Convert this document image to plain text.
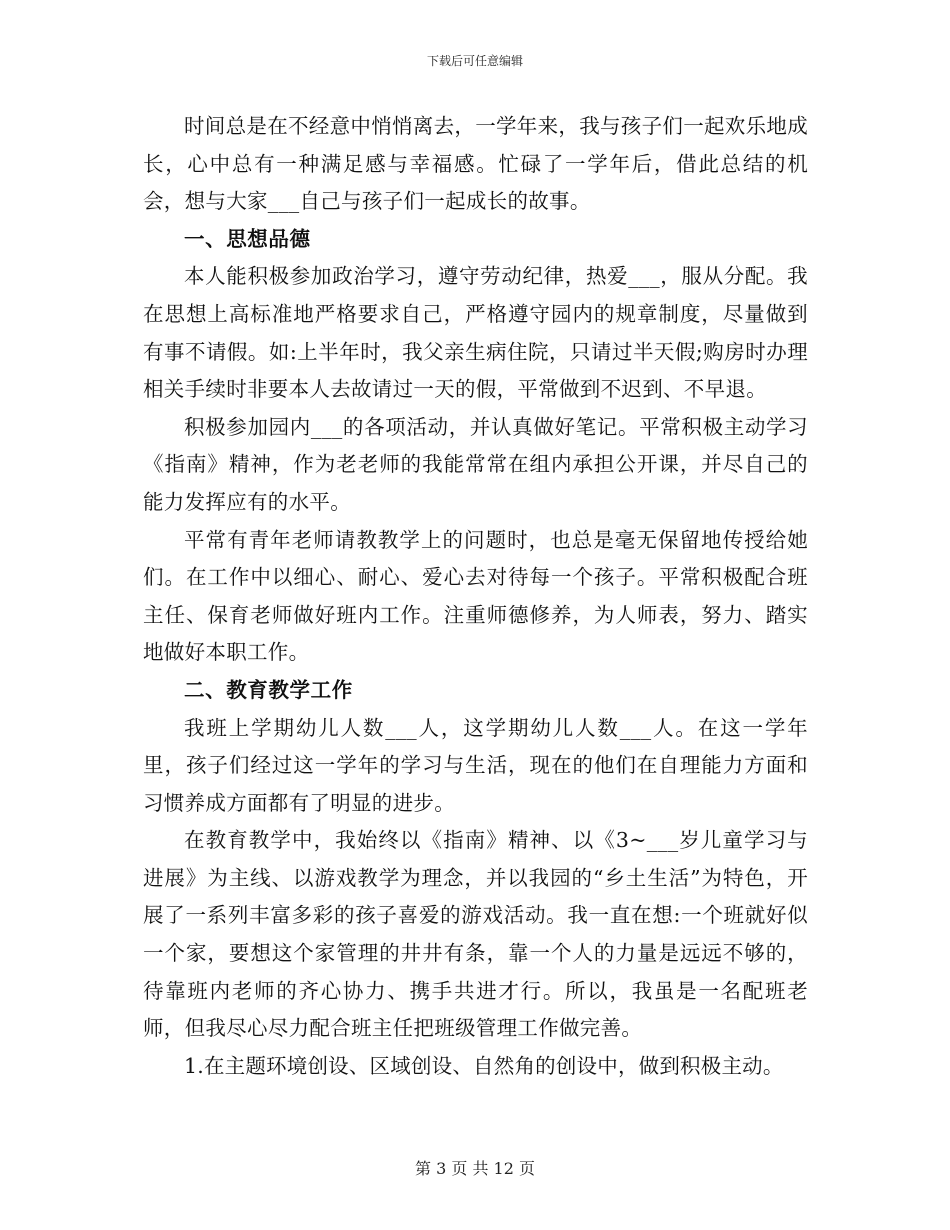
下载后可任意编辑

时间总是在不经意中悄悄离去，一学年来，我与孩子们一起欢乐地成长，心中总有一种满足感与幸福感。忙碌了一学年后，借此总结的机会，想与大家___自己与孩子们一起成长的故事。

一、思想品德

本人能积极参加政治学习，遵守劳动纪律，热爱___，服从分配。我在思想上高标准地严格要求自己，严格遵守园内的规章制度，尽量做到有事不请假。如:上半年时，我父亲生病住院，只请过半天假;购房时办理相关手续时非要本人去故请过一天的假，平常做到不迟到、不早退。

积极参加园内___的各项活动，并认真做好笔记。平常积极主动学习《指南》精神，作为老老师的我能常常在组内承担公开课，并尽自己的能力发挥应有的水平。

平常有青年老师请教教学上的问题时，也总是毫无保留地传授给她们。在工作中以细心、耐心、爱心去对待每一个孩子。平常积极配合班主任、保育老师做好班内工作。注重师德修养，为人师表，努力、踏实地做好本职工作。

二、教育教学工作

我班上学期幼儿人数___人，这学期幼儿人数___人。在这一学年里，孩子们经过这一学年的学习与生活，现在的他们在自理能力方面和习惯养成方面都有了明显的进步。

在教育教学中，我始终以《指南》精神、以《3~___岁儿童学习与进展》为主线、以游戏教学为理念，并以我园的“乡土生活”为特色，开展了一系列丰富多彩的孩子喜爱的游戏活动。我一直在想:一个班就好似一个家，要想这个家管理的井井有条，靠一个人的力量是远远不够的，待靠班内老师的齐心协力、携手共进才行。所以，我虽是一名配班老师，但我尽心尽力配合班主任把班级管理工作做完善。

1.在主题环境创设、区域创设、自然角的创设中，做到积极主动。

第 3 页 共 12 页
